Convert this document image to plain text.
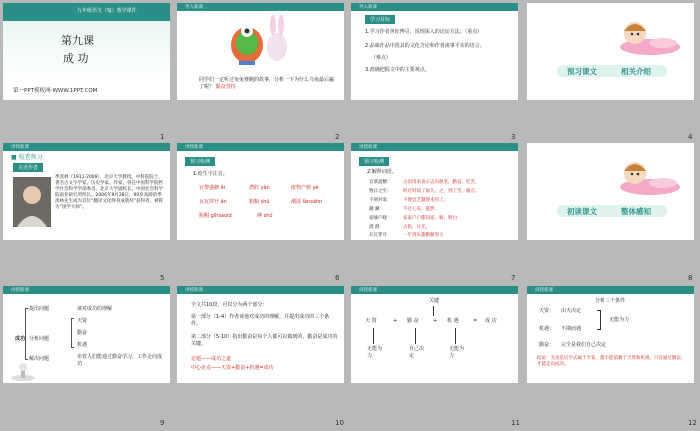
九年级语文（SJ）教学课件
第九课
成 功
第一PPT模板网-WWW.1PPT.COM
1
导入新课
同学们一定听过龟兔赛跑的故事，分析一下为什么乌龟最后赢了呢？ 勤奋坚持
2
导入新课
学习目标
1.学习作者务征博引、说理深入的论证方法。（重点）
2.品味作品中很具的文化含论和作者谈事平实的语言。
（难点）
3.准确把握文中的主要观点。
3
预习课文	相关介绍
4
讲授新课
■ 检查预习
走近作者
季羡林（1911-2009），北京大学教授，中科院院士，著名古文字学家、历史学家、作家，曾任中国科学院哲学社会科学学部委员，北京大学副校长，中国社会科学院南亚研究所所长。2006年9月28日，90岁高龄的季羡林先生成为首位“翻译文化终身成就奖”获得者，被称为“国学大师”。
5
讲授新课
预习检测
1.给生字注音。
官黎盛糖 ǎi	潜腔 yān	废物产榜 yè
瓦瓦穿开 ǎn	粗粮 shū	潮湿 lǎnsàhn
瓶帽 gìhsàoid	缚 shū
6
讲授新课
预习检测
2.解释词语。
官慕盈糖：	古语用来表示志向很坚，勤奋，吃苦。
物日之至：	经过时间了很久。之，到了至，极点。
不屑对发：	不便宜乏题现来到了。
潮 潮：	不过心头：滋然
家喻户晓：	家家户户都知道。喻，明白
潜 潜：	古指，日光。
瓦瓦穿开：	一年到头都勤勤努力
7
初读课文	整体感知
8
讲授新课
提出问题
分析问题
解决问题
成功
谈对成功的理解
天资
勤奋
机遇
牵着人们能通过勤奋学习、工作走向成功
9
讲授新课
全文共10段，可以分为两个部分：
第一部分（1-4）作者谈他对成功的理解，并提出成功的三个条件。
第二部分（5-10）指出勤奋是每个人都可以做到的，勤奋是成功的关键。
论题——成功之道
中心论点——天资+勤奋+机遇=成功
10
讲授新课
关键
天 资	+ 勤 奋	+ 机 遇	= 成 功
无能为力
自己决定
无能为力
11
讲授新课
分析三个条件
天资： 由天决定
机遇： 不期而遇
勤奋： 完全是我们自己决定
无能为力
结论：无论是后学式属于专家，都不能依赖于天资和机遇，只有通过勤奋，才能走向成功。
12
